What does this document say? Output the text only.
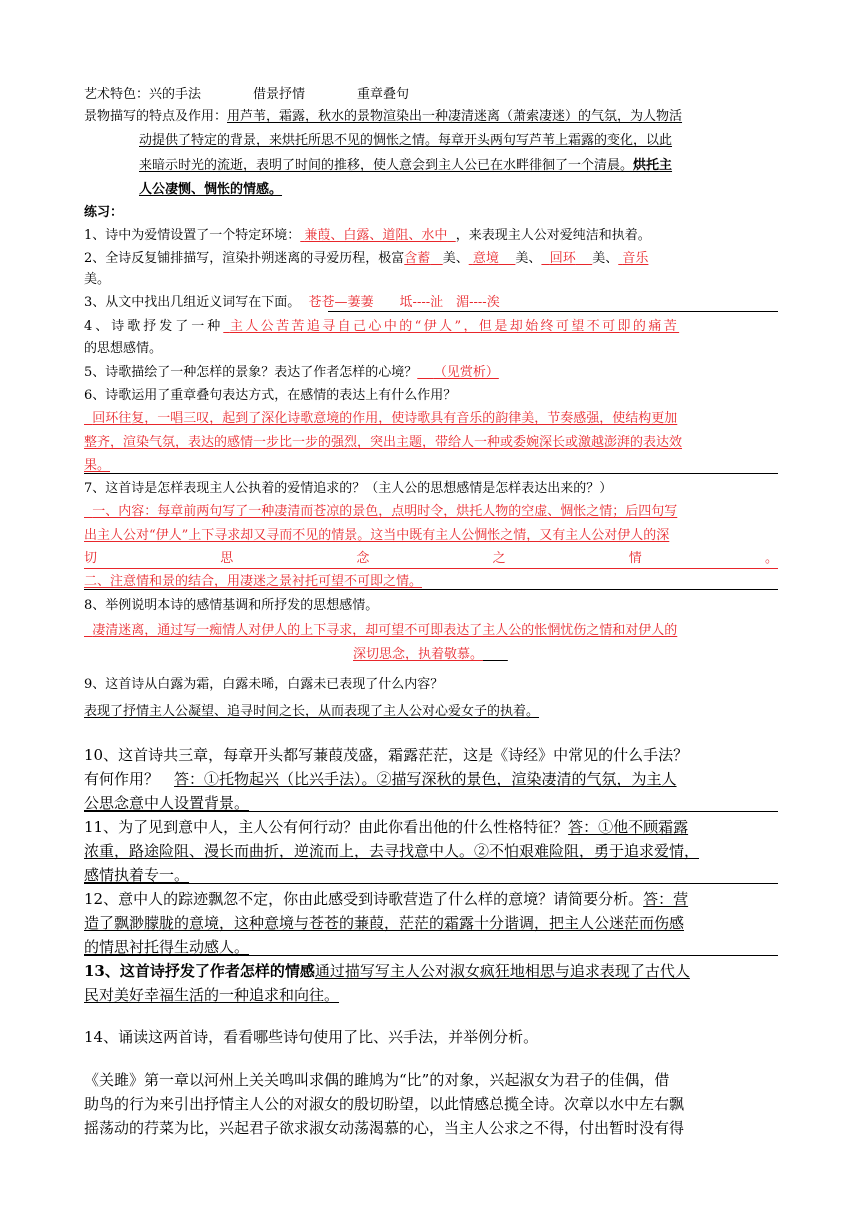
艺术特色：兴的手法	借景抒情	重章叠句
景物描写的特点及作用：用芦苇，霜露，秋水的景物渲染出一种凄清迷离（萧索凄迷）的气氛，为人物活
动提供了特定的背景，来烘托所思不见的惆怅之情。每章开头两句写芦苇上霜露的变化，以此
来暗示时光的流逝，表明了时间的推移，使人意会到主人公已在水畔徘徊了一个清晨。烘托主
人公凄恻、惆怅的情感。
练习：
1、诗中为爱情设置了一个特定环境： 兼葭、白露、道阻、水中 ，来表现主人公对爱纯洁和执着。
2、全诗反复铺排描写，渲染扑朔迷离的寻爱历程，极富含蓄 美、 意境 美、 回环 美、 音乐
美。
3、从文中找出几组近义词写在下面。 苍苍—萋萋　　坻----沚　湄----涘
4、诗歌抒发了一种 主人公苦苦追寻自己心中的“伊人”，但是却始终可望不可即的痛苦
的思想感情。
5、诗歌描绘了一种怎样的景象？表达了作者怎样的心境？ （见赏析）
6、诗歌运用了重章叠句表达方式，在感情的表达上有什么作用？
回环往复，一唱三叹，起到了深化诗歌意境的作用，使诗歌具有音乐的韵律美，节奏感强，使结构更加
整齐，渲染气氛，表达的感情一步比一步的强烈，突出主题，带给人一种或委婉深长或激越澎湃的表达效
果。
7、这首诗是怎样表现主人公执着的爱情追求的？（主人公的思想感情是怎样表达出来的？）
一、内容：每章前两句写了一种凄清而苍凉的景色，点明时令，烘托人物的空虚、惆怅之情；后四句写
出主人公对“伊人”上下寻求却又寻而不见的情景。这当中既有主人公惆怅之情，又有主人公对伊人的深
切	思	念	之	情	。
二、注意情和景的结合，用凄迷之景衬托可望不可即之情。
8、举例说明本诗的感情基调和所抒发的思想感情。
凄清迷离，通过写一痴情人对伊人的上下寻求，却可望不可即表达了主人公的怅惘忧伤之情和对伊人的
深切思念，执着敬慕。
9、这首诗从白露为霜，白露未晞，白露未已表现了什么内容？
表现了抒情主人公凝望、追寻时间之长，从而表现了主人公对心爱女子的执着。
10、这首诗共三章，每章开头都写蒹葭茂盛，霜露茫茫，这是《诗经》中常见的什么手法？
有何作用？　答：①托物起兴（比兴手法）。②描写深秋的景色，渲染凄清的气氛，为主人
公思念意中人设置背景。
11、为了见到意中人，主人公有何行动？由此你看出他的什么性格特征？答：①他不顾霜露
浓重，路途险阻、漫长而曲折，逆流而上，去寻找意中人。②不怕艰难险阻，勇于追求爱情，
感情执着专一。
12、意中人的踪迹飘忽不定，你由此感受到诗歌营造了什么样的意境？请简要分析。答：营
造了飘渺朦胧的意境，这种意境与苍苍的蒹葭，茫茫的霜露十分谐调，把主人公迷茫而伤感
的情思衬托得生动感人。
13、这首诗抒发了作者怎样的情感通过描写写主人公对淑女疯狂地相思与追求表现了古代人
民对美好幸福生活的一种追求和向往。
14、诵读这两首诗，看看哪些诗句使用了比、兴手法，并举例分析。
《关雎》第一章以河州上关关鸣叫求偶的雎鸠为“比”的对象，兴起淑女为君子的佳偶，借
助鸟的行为来引出抒情主人公的对淑女的殷切盼望，以此情感总揽全诗。次章以水中左右飘
摇荡动的荇菜为比，兴起君子欲求淑女动荡渴慕的心，当主人公求之不得，付出暂时没有得
